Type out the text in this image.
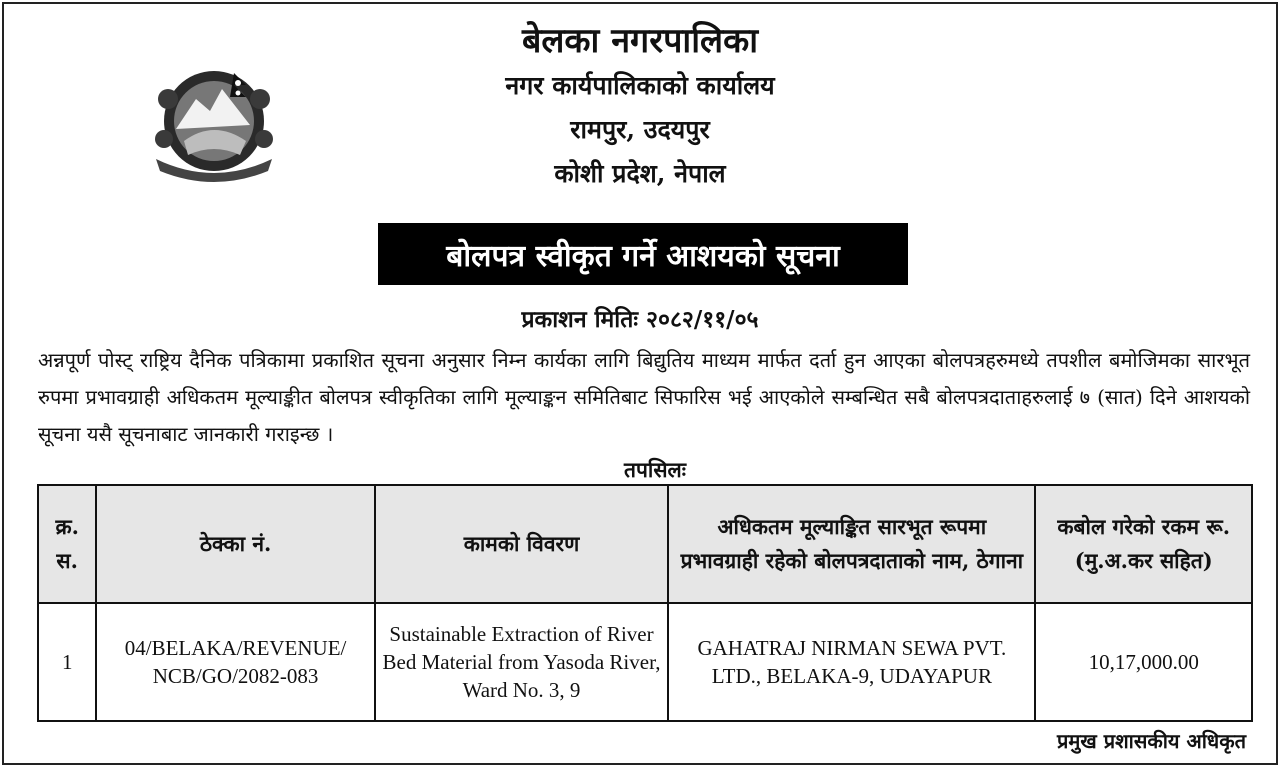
बेलका नगरपालिका
नगर कार्यपालिकाको कार्यालय
रामपुर, उदयपुर
कोशी प्रदेश, नेपाल
बोलपत्र स्वीकृत गर्ने आशयको सूचना
प्रकाशन मितिः २०८२/११/०५
अन्नपूर्ण पोस्ट् राष्ट्रिय दैनिक पत्रिकामा प्रकाशित सूचना अनुसार निम्न कार्यका लागि बिद्युतिय माध्यम मार्फत दर्ता हुन आएका बोलपत्रहरुमध्ये तपशील बमोजिमका सारभूत रुपमा प्रभावग्राही अधिकतम मूल्याङ्कीत बोलपत्र स्वीकृतिका लागि मूल्याङ्कन समितिबाट सिफारिस भई आएकोले सम्बन्धित सबै बोलपत्रदाताहरुलाई ७ (सात) दिने आशयको सूचना यसै सूचनाबाट जानकारी गराइन्छ ।
तपसिलः
क्र. स.	ठेक्का नं.	कामको विवरण	अधिकतम मूल्याङ्कित सारभूत रूपमा प्रभावग्राही रहेको बोलपत्रदाताको नाम, ठेगाना	कबोल गरेको रकम रू. (मु.अ.कर सहित)
1	04/BELAKA/REVENUE/ NCB/GO/2082-083	Sustainable Extraction of River Bed Material from Yasoda River, Ward No. 3, 9	GAHATRAJ NIRMAN SEWA PVT. LTD., BELAKA-9, UDAYAPUR	10,17,000.00
प्रमुख प्रशासकीय अधिकृत
